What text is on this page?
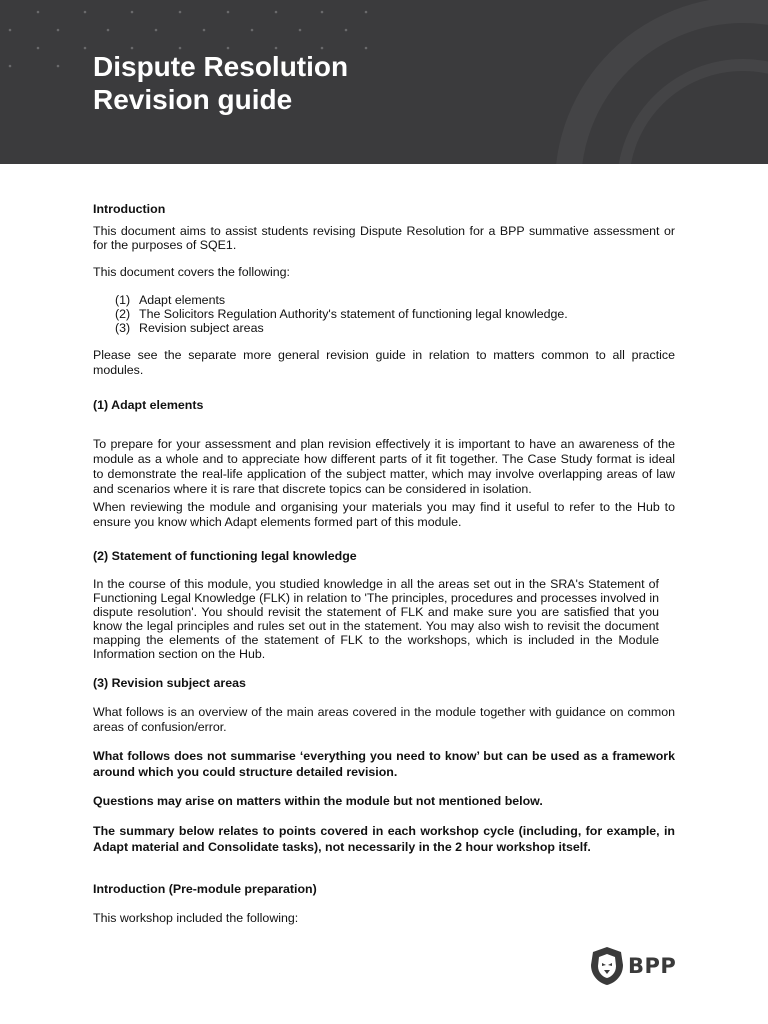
Dispute Resolution
Revision guide

Introduction

This document aims to assist students revising Dispute Resolution for a BPP summative assessment or for the purposes of SQE1.

This document covers the following:

(1) Adapt elements
(2) The Solicitors Regulation Authority's statement of functioning legal knowledge.
(3) Revision subject areas

Please see the separate more general revision guide in relation to matters common to all practice modules.

(1) Adapt elements

To prepare for your assessment and plan revision effectively it is important to have an awareness of the module as a whole and to appreciate how different parts of it fit together. The Case Study format is ideal to demonstrate the real-life application of the subject matter, which may involve overlapping areas of law and scenarios where it is rare that discrete topics can be considered in isolation.

When reviewing the module and organising your materials you may find it useful to refer to the Hub to ensure you know which Adapt elements formed part of this module.

(2) Statement of functioning legal knowledge

In the course of this module, you studied knowledge in all the areas set out in the SRA's Statement of Functioning Legal Knowledge (FLK) in relation to 'The principles, procedures and processes involved in dispute resolution'. You should revisit the statement of FLK and make sure you are satisfied that you know the legal principles and rules set out in the statement. You may also wish to revisit the document mapping the elements of the statement of FLK to the workshops, which is included in the Module Information section on the Hub.

(3) Revision subject areas

What follows is an overview of the main areas covered in the module together with guidance on common areas of confusion/error.

What follows does not summarise ‘everything you need to know’ but can be used as a framework around which you could structure detailed revision.

Questions may arise on matters within the module but not mentioned below.

The summary below relates to points covered in each workshop cycle (including, for example, in Adapt material and Consolidate tasks), not necessarily in the 2 hour workshop itself.

Introduction (Pre-module preparation)

This workshop included the following:

BPP
